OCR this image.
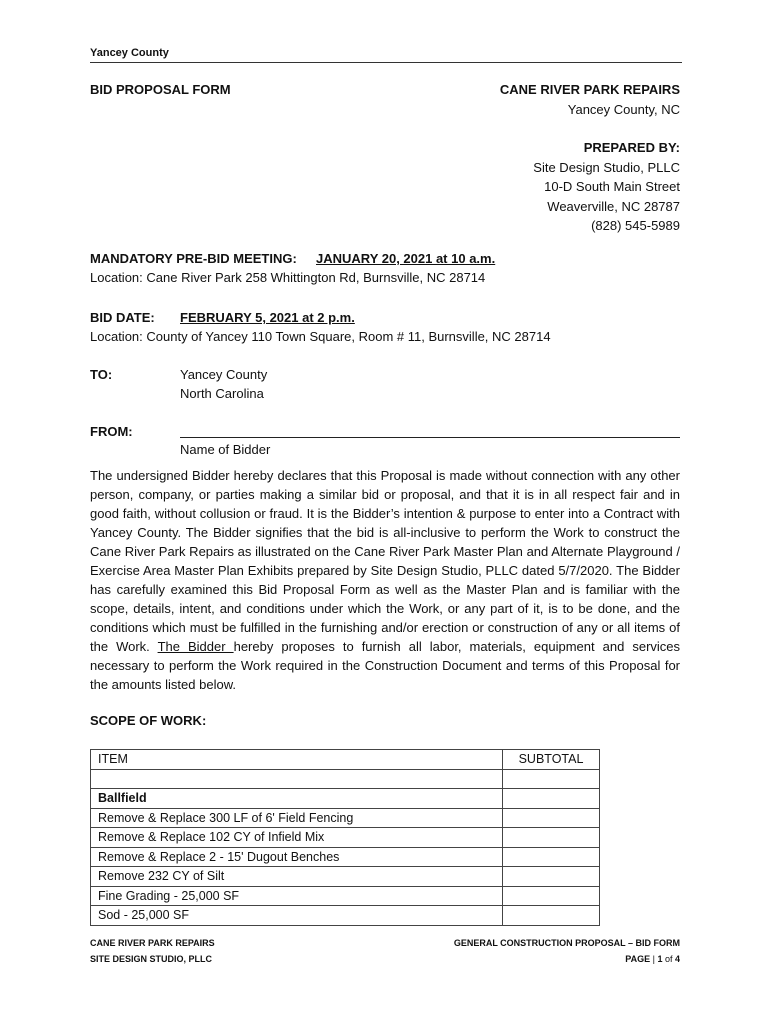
Yancey County
BID PROPOSAL FORM	CANE RIVER PARK REPAIRS
Yancey County, NC
PREPARED BY:
Site Design Studio, PLLC
10-D South Main Street
Weaverville, NC 28787
(828) 545-5989
MANDATORY PRE-BID MEETING: JANUARY 20, 2021 at 10 a.m.
Location: Cane River Park 258 Whittington Rd, Burnsville, NC 28714
BID DATE: FEBRUARY 5, 2021 at 2 p.m.
Location: County of Yancey 110 Town Square, Room # 11, Burnsville, NC 28714
TO:	Yancey County
North Carolina
FROM:
Name of Bidder
The undersigned Bidder hereby declares that this Proposal is made without connection with any other person, company, or parties making a similar bid or proposal, and that it is in all respect fair and in good faith, without collusion or fraud. It is the Bidder’s intention & purpose to enter into a Contract with Yancey County. The Bidder signifies that the bid is all-inclusive to perform the Work to construct the Cane River Park Repairs as illustrated on the Cane River Park Master Plan and Alternate Playground / Exercise Area Master Plan Exhibits prepared by Site Design Studio, PLLC dated 5/7/2020. The Bidder has carefully examined this Bid Proposal Form as well as the Master Plan and is familiar with the scope, details, intent, and conditions under which the Work, or any part of it, is to be done, and the conditions which must be fulfilled in the furnishing and/or erection or construction of any or all items of the Work. The Bidder hereby proposes to furnish all labor, materials, equipment and services necessary to perform the Work required in the Construction Document and terms of this Proposal for the amounts listed below.
SCOPE OF WORK:
ITEM	SUBTOTAL

Ballfield	
Remove & Replace 300 LF of 6' Field Fencing	
Remove & Replace 102 CY of Infield Mix	
Remove & Replace 2 - 15' Dugout Benches	
Remove 232 CY of Silt	
Fine Grading - 25,000 SF	
Sod - 25,000 SF	
CANE RIVER PARK REPAIRS
SITE DESIGN STUDIO, PLLC
GENERAL CONSTRUCTION PROPOSAL – BID FORM
PAGE | 1 of 4
